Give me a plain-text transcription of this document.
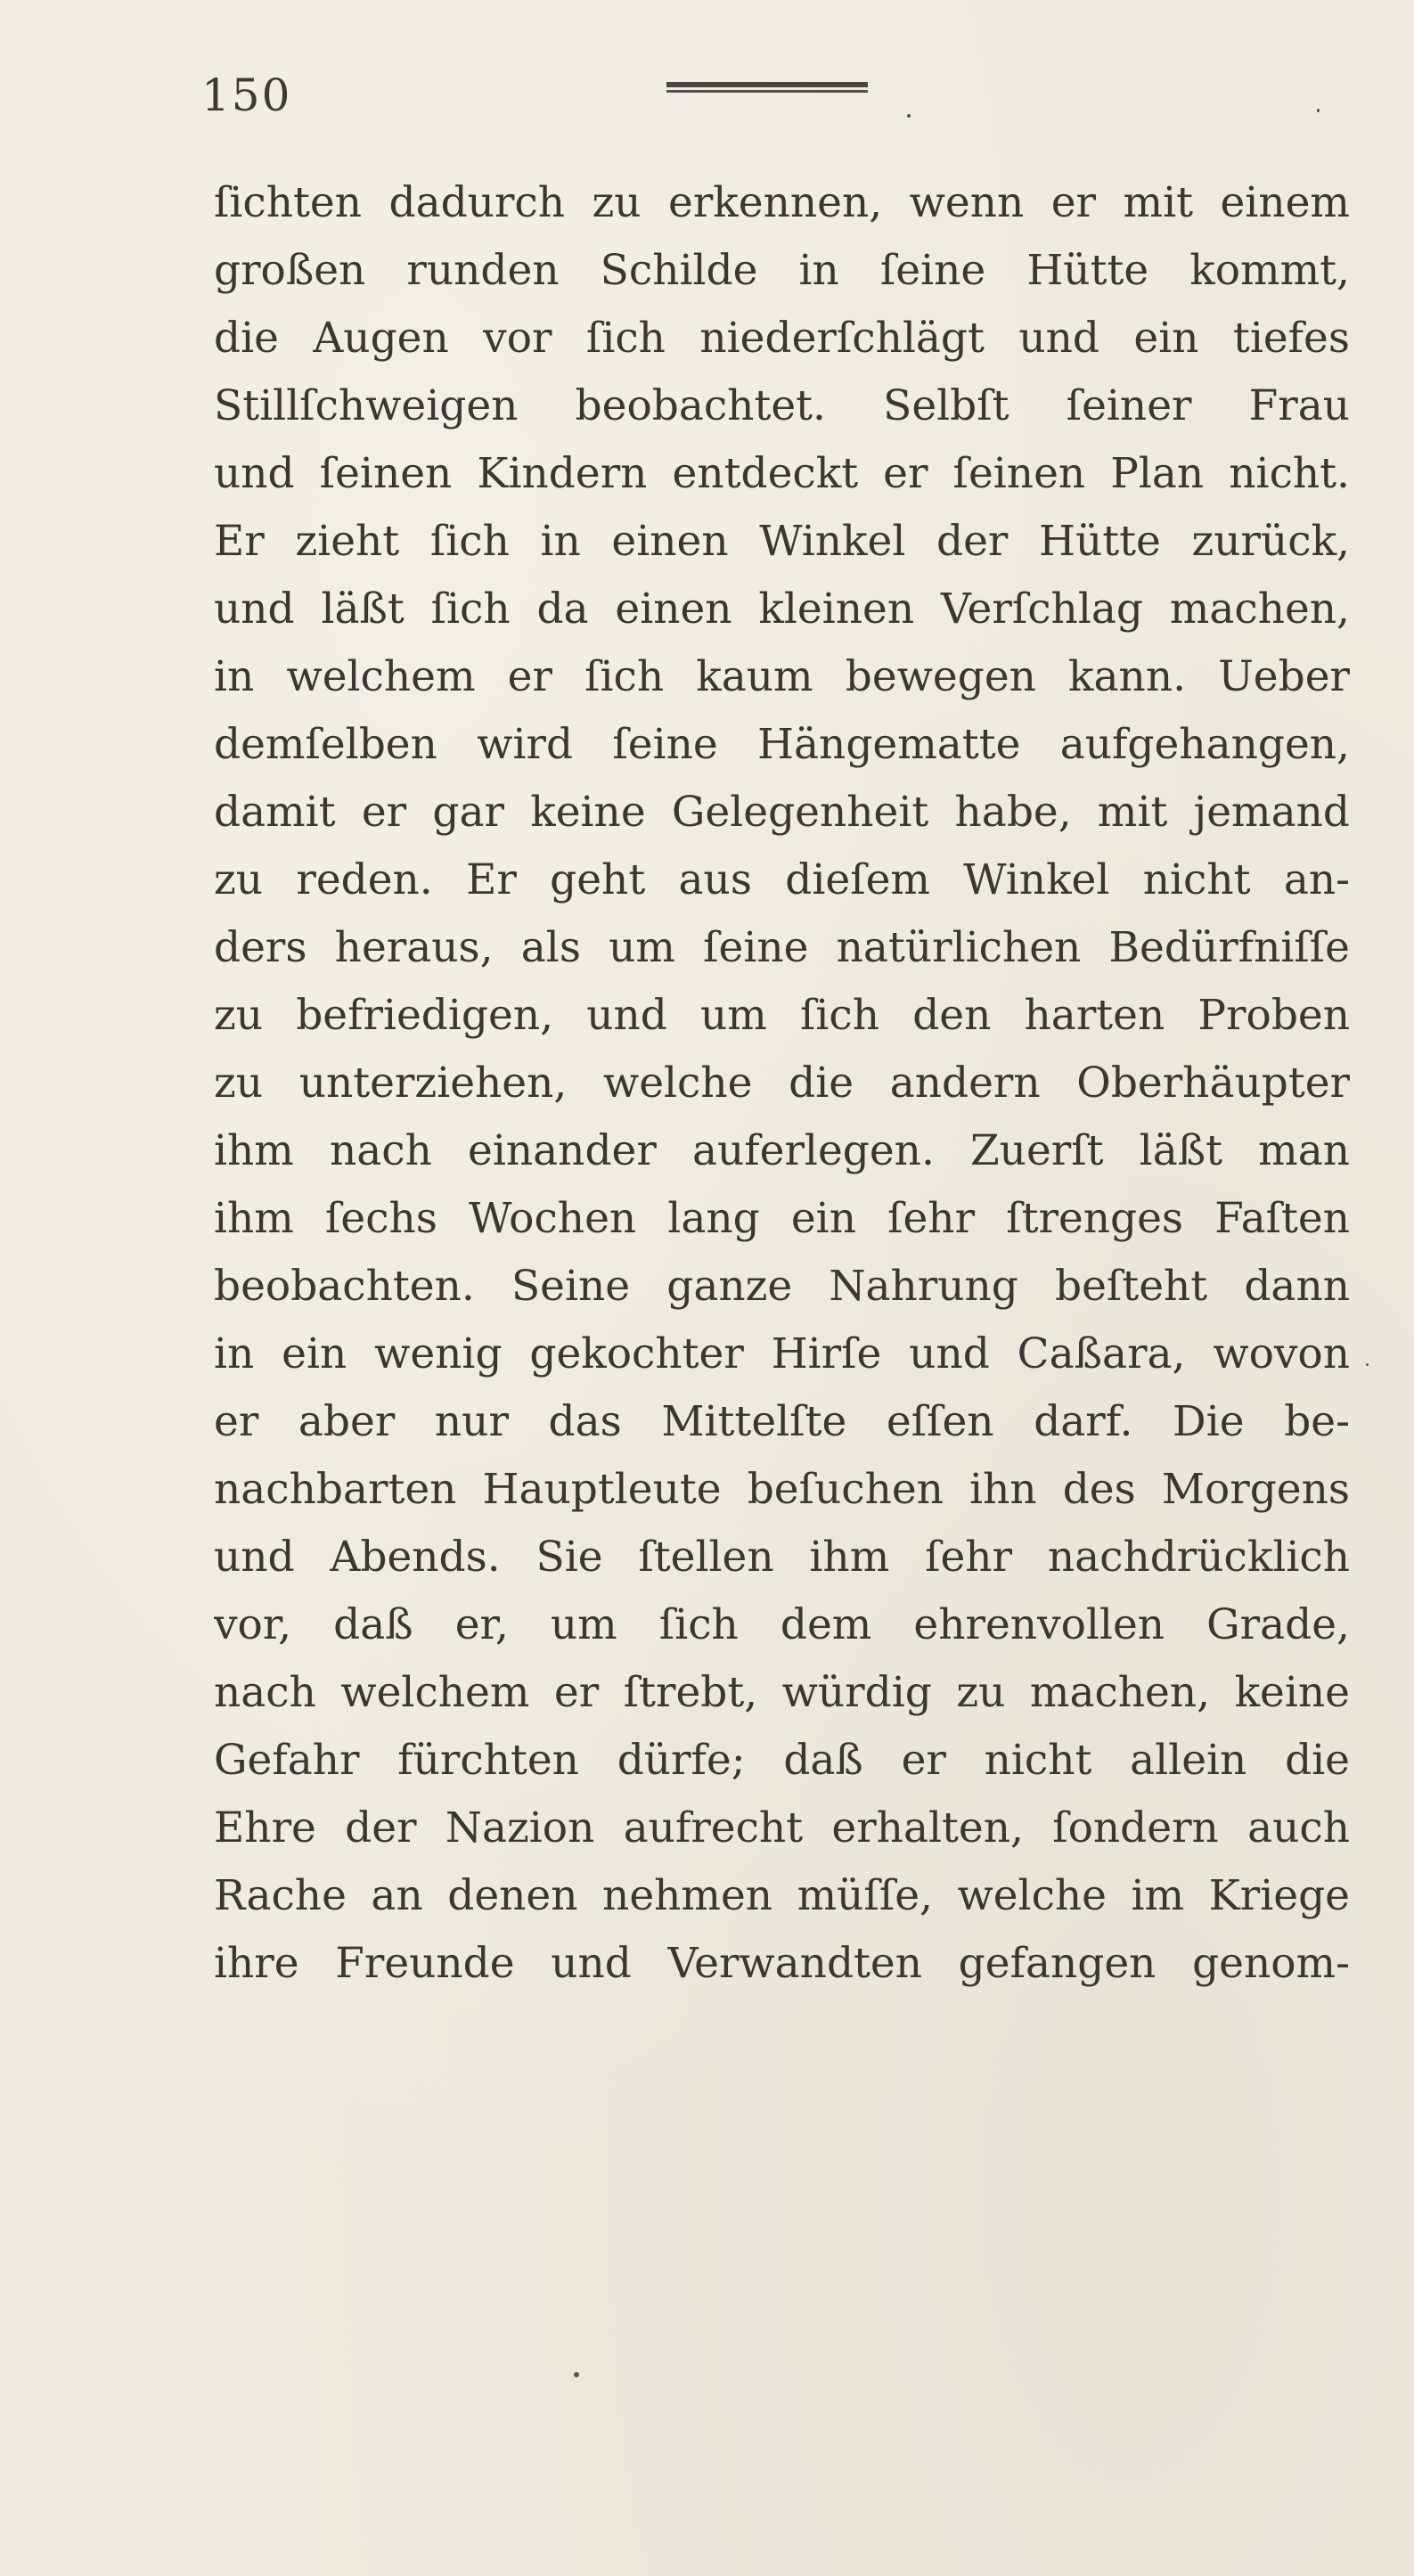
150
ſichten dadurch zu erkennen, wenn er mit einem
großen runden Schilde in ſeine Hütte kommt,
die Augen vor ſich niederſchlägt und ein tiefes
Stillſchweigen beobachtet. Selbſt ſeiner Frau
und ſeinen Kindern entdeckt er ſeinen Plan nicht.
Er zieht ſich in einen Winkel der Hütte zurück,
und läßt ſich da einen kleinen Verſchlag machen,
in welchem er ſich kaum bewegen kann. Ueber
demſelben wird ſeine Hängematte aufgehangen,
damit er gar keine Gelegenheit habe, mit jemand
zu reden. Er geht aus dieſem Winkel nicht an-
ders heraus, als um ſeine natürlichen Bedürfniſſe
zu befriedigen, und um ſich den harten Proben
zu unterziehen, welche die andern Oberhäupter
ihm nach einander auferlegen. Zuerſt läßt man
ihm ſechs Wochen lang ein ſehr ſtrenges Faſten
beobachten. Seine ganze Nahrung beſteht dann
in ein wenig gekochter Hirſe und Caßara, wovon
er aber nur das Mittelſte eſſen darf. Die be-
nachbarten Hauptleute beſuchen ihn des Morgens
und Abends. Sie ſtellen ihm ſehr nachdrücklich
vor, daß er, um ſich dem ehrenvollen Grade,
nach welchem er ſtrebt, würdig zu machen, keine
Gefahr fürchten dürfe; daß er nicht allein die
Ehre der Nazion aufrecht erhalten, ſondern auch
Rache an denen nehmen müſſe, welche im Kriege
ihre Freunde und Verwandten gefangen genom-
